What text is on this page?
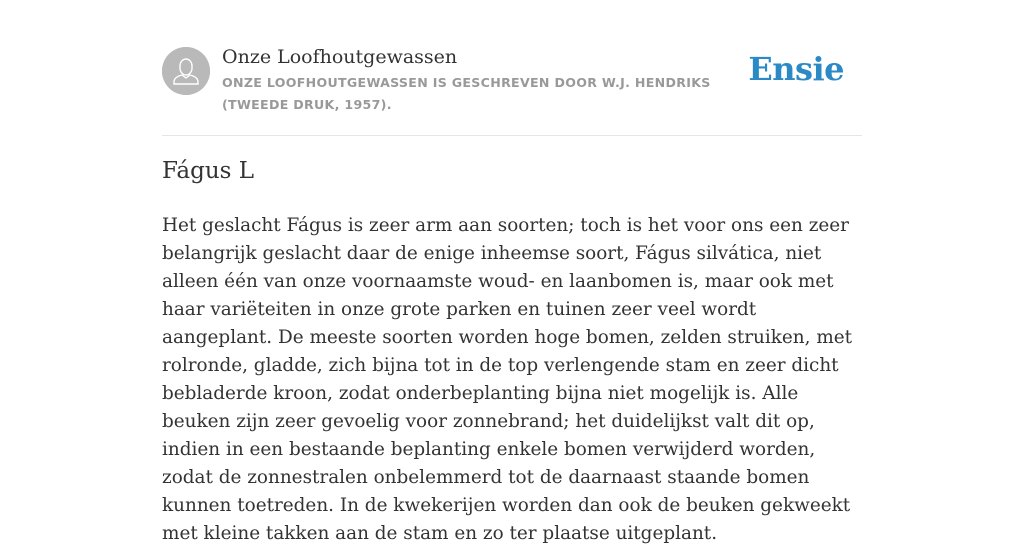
Onze Loofhoutgewassen
ONZE LOOFHOUTGEWASSEN IS GESCHREVEN DOOR W.J. HENDRIKS (TWEEDE DRUK, 1957).
Ensie
Fágus L

Het geslacht Fágus is zeer arm aan soorten; toch is het voor ons een zeer belangrijk geslacht daar de enige inheemse soort, Fágus silvática, niet alleen één van onze voornaamste woud- en laanbomen is, maar ook met haar variëteiten in onze grote parken en tuinen zeer veel wordt aangeplant. De meeste soorten worden hoge bomen, zelden struiken, met rolronde, gladde, zich bijna tot in de top verlengende stam en zeer dicht bebladerde kroon, zodat onderbeplanting bijna niet mogelijk is. Alle beuken zijn zeer gevoelig voor zonnebrand; het duidelijkst valt dit op, indien in een bestaande beplanting enkele bomen verwijderd worden, zodat de zonnestralen onbelemmerd tot de daarnaast staande bomen kunnen toetreden. In de kwekerijen worden dan ook de beuken gekweekt met kleine takken aan de stam en zo ter plaatse uitgeplant.
